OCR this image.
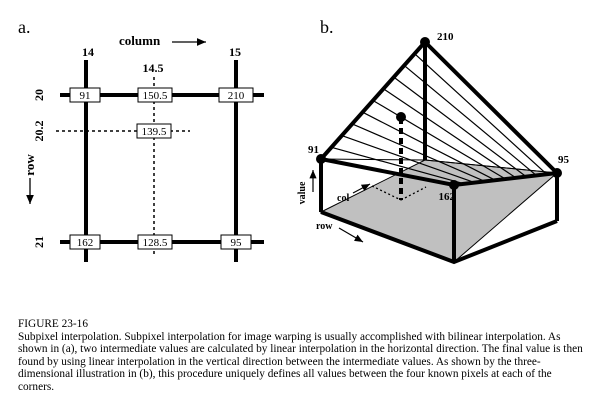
a.
column
14
14.5
15
20
20.2
21
row
91	150.5	210
139.5
162	128.5	95
b.	210
91
95
162
value	col
row
FIGURE 23-16
Subpixel interpolation. Subpixel interpolation for image warping is usually accomplished with bilinear interpolation. As shown in (a), two intermediate values are calculated by linear interpolation in the horizontal direction. The final value is then found by using linear interpolation in the vertical direction between the intermediate values. As shown by the three-dimensional illustration in (b), this procedure uniquely defines all values between the four known pixels at each of the corners.
